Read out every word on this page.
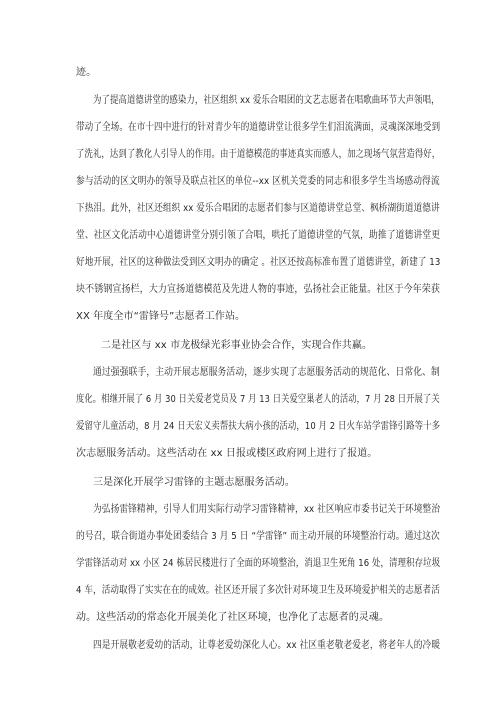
迹。
为了提高道德讲堂的感染力，社区组织 xx 爱乐合唱团的文艺志愿者在唱歌曲环节大声领唱，
带动了全场。在市十四中进行的针对青少年的道德讲堂让很多学生们泪流满面，灵魂深深地受到
了洗礼，达到了教化人引导人的作用。由于道德模范的事迹真实而感人，加之现场气氛营造得好，
参与活动的区文明办的领导及联点社区的单位--xx 区机关党委的同志和很多学生当场感动得流
下热泪。此外，社区还组织 xx 爱乐合唱团的志愿者们参与区道德讲堂总堂、枫桥湖街道道德讲
堂、社区文化活动中心道德讲堂分别引领了合唱，哄托了道德讲堂的气氛，助推了道德讲堂更
好地开展，社区的这种做法受到区文明办的确定 。社区还按高标准布置了道德讲堂，新建了 13
块不锈钢宣扬栏，大力宣扬道德模范及先进人物的事迹，弘扬社会正能量。社区于今年荣获
XX 年度全市“雷锋号”志愿者工作站。
二是社区与 xx 市龙极绿光彩事业协会合作，实现合作共赢。
通过强强联手，主动开展志愿服务活动，逐步实现了志愿服务活动的规范化、日常化、制
度化。相继开展了 6 月 30 日关爱老党员及 7 月 13 日关爱空巢老人的活动，7 月 28 日开展了关
爱留守儿童活动，8 月 24 日天宏义卖帮扶大病小孩的活动，10 月 2 日火车站学雷锋引路等十多
次志愿服务活动。这些活动在 xx 日报或楼区政府网上进行了报道。
三是深化开展学习雷锋的主题志愿服务活动。
为弘扬雷锋精神，引导人们用实际行动学习雷锋精神，xx 社区响应市委书记关于环境整治
的号召，联合街道办事处团委结合 3 月 5 日 “学雷锋” 而主动开展的环境整治行动。通过这次
学雷锋活动对 xx 小区 24 栋居民楼进行了全面的环境整治，消退卫生死角 16 处，清理积存垃圾
4 车，活动取得了实实在在的成效。社区还开展了多次针对环境卫生及环境爱护相关的志愿者活
动。这些活动的常态化开展美化了社区环境，也净化了志愿者的灵魂。
四是开展敬老爱幼的活动，让尊老爱幼深化人心。xx 社区重老敬老爱老，将老年人的冷暖
